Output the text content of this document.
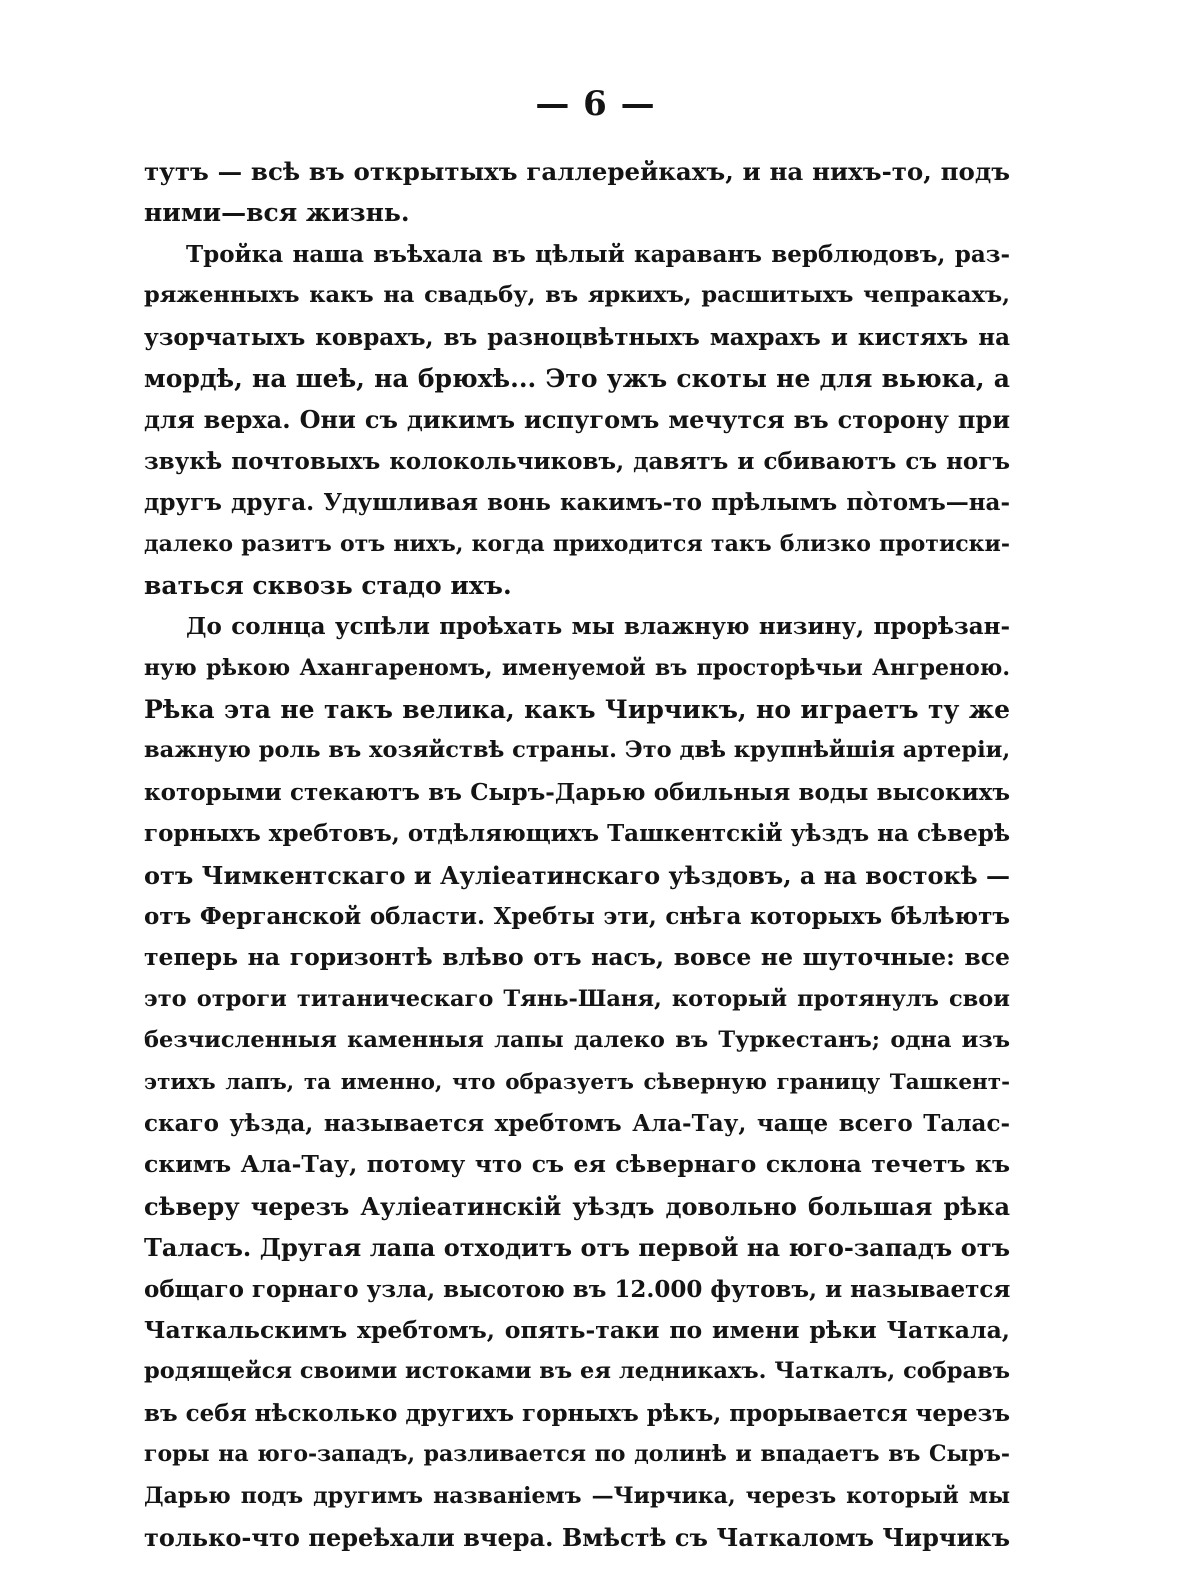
— 6 —
тутъ — всѣ въ открытыхъ галлерейкахъ, и на нихъ-то, подъ
ними—вся жизнь.
Тройка наша въѣхала въ цѣлый караванъ верблюдовъ, раз-
ряженныхъ какъ на свадьбу, въ яркихъ, расшитыхъ чепракахъ,
узорчатыхъ коврахъ, въ разноцвѣтныхъ махрахъ и кистяхъ на
мордѣ, на шеѣ, на брюхѣ... Это ужъ скоты не для вьюка, а
для верха. Они съ дикимъ испугомъ мечутся въ сторону при
звукѣ почтовыхъ колокольчиковъ, давятъ и сбиваютъ съ ногъ
другъ друга. Удушливая вонь какимъ-то прѣлымъ пòтомъ—на-
далеко разитъ отъ нихъ, когда приходится такъ близко протиски-
ваться сквозь стадо ихъ.
До солнца успѣли проѣхать мы влажную низину, прорѣзан-
ную рѣкою Ахангареномъ, именуемой въ просторѣчьи Ангреною.
Рѣка эта не такъ велика, какъ Чирчикъ, но играетъ ту же
важную роль въ хозяйствѣ страны. Это двѣ крупнѣйшія артеріи,
которыми стекаютъ въ Сыръ-Дарью обильныя воды высокихъ
горныхъ хребтовъ, отдѣляющихъ Ташкентскій уѣздъ на сѣверѣ
отъ Чимкентскаго и Ауліеатинскаго уѣздовъ, а на востокѣ —
отъ Ферганской области. Хребты эти, снѣга которыхъ бѣлѣютъ
теперь на горизонтѣ влѣво отъ насъ, вовсе не шуточные: все
это отроги титаническаго Тянь-Шаня, который протянулъ свои
безчисленныя каменныя лапы далеко въ Туркестанъ; одна изъ
этихъ лапъ, та именно, что образуетъ сѣверную границу Ташкент-
скаго уѣзда, называется хребтомъ Ала-Тау, чаще всего Талас-
скимъ Ала-Тау, потому что съ ея сѣвернаго склона течетъ къ
сѣверу черезъ Ауліеатинскій уѣздъ довольно большая рѣка
Таласъ. Другая лапа отходитъ отъ первой на юго-западъ отъ
общаго горнаго узла, высотою въ 12.000 футовъ, и называется
Чаткальскимъ хребтомъ, опять-таки по имени рѣки Чаткала,
родящейся своими истоками въ ея ледникахъ. Чаткалъ, собравъ
въ себя нѣсколько другихъ горныхъ рѣкъ, прорывается черезъ
горы на юго-западъ, разливается по долинѣ и впадаетъ въ Сыръ-
Дарью подъ другимъ названіемъ —Чирчика, черезъ который мы
только-что переѣхали вчера. Вмѣстѣ съ Чаткаломъ Чирчикъ
